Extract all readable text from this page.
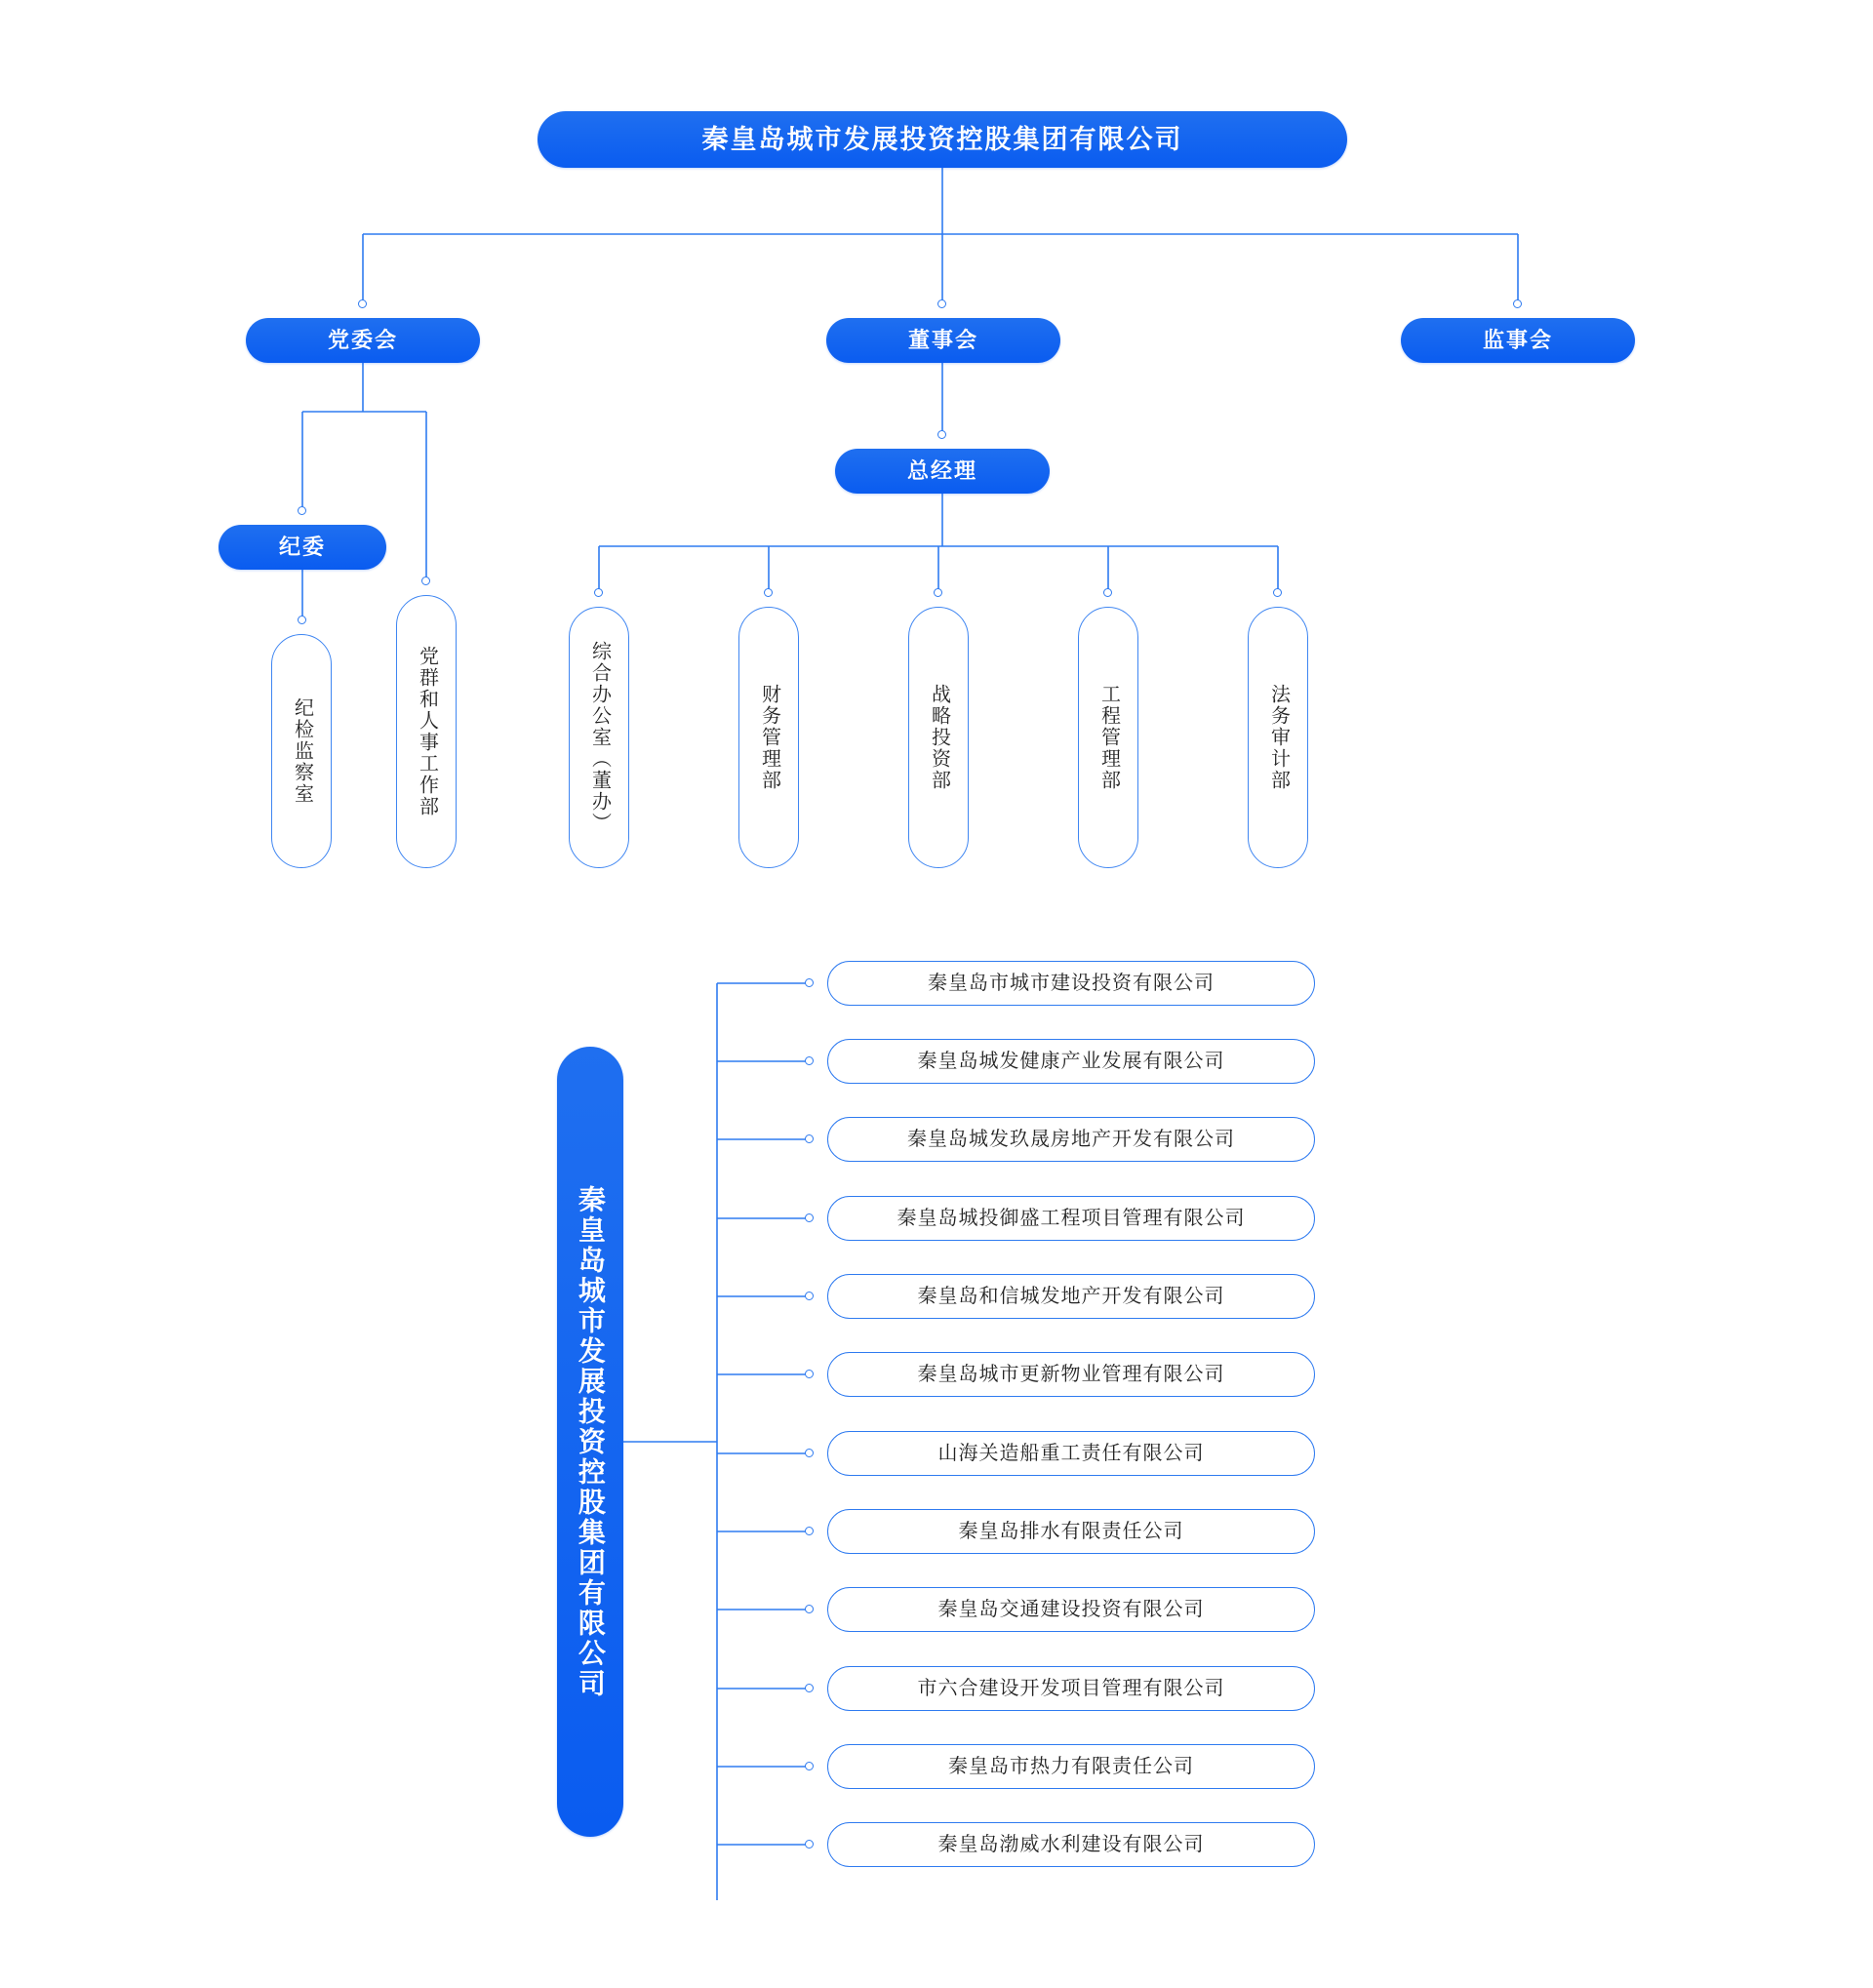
秦皇岛城市发展投资控股集团有限公司
党委会	董事会	监事会
总经理
纪委
纪检监察室	党群和人事工作部	综合办公室（董办）	财务管理部	战略投资部	工程管理部	法务审计部
秦皇岛城市发展投资控股集团有限公司
秦皇岛市城市建设投资有限公司
秦皇岛城发健康产业发展有限公司
秦皇岛城发玖晟房地产开发有限公司
秦皇岛城投御盛工程项目管理有限公司
秦皇岛和信城发地产开发有限公司
秦皇岛城市更新物业管理有限公司
山海关造船重工责任有限公司
秦皇岛排水有限责任公司
秦皇岛交通建设投资有限公司
市六合建设开发项目管理有限公司
秦皇岛市热力有限责任公司
秦皇岛渤威水利建设有限公司
